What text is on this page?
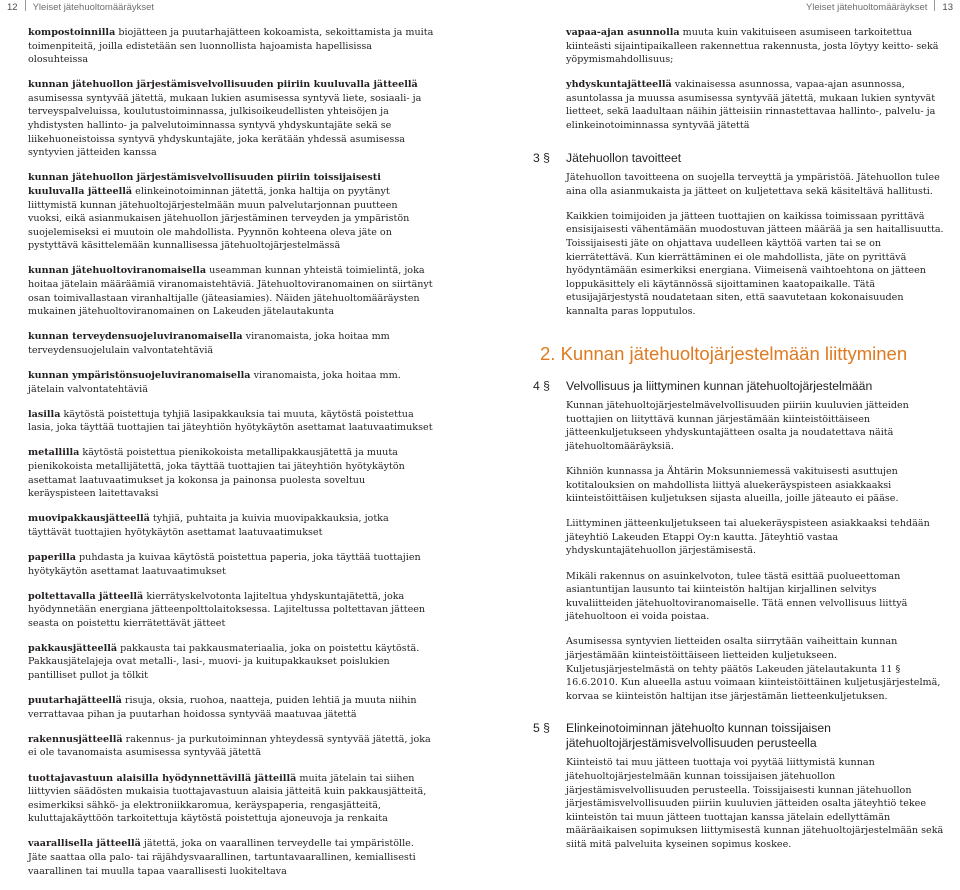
12 Yleiset jätehuoltomääräykset	Yleiset jätehuoltomääräykset 13

kompostoinnilla biojätteen ja puutarhajätteen kokoamista, sekoittamista ja muita toimenpiteitä, joilla edistetään sen luonnollista hajoamista hapellisissa olosuhteissa

kunnan jätehuollon järjestämisvelvollisuuden piiriin kuuluvalla jätteellä asumisessa syntyvää jätettä, mukaan lukien asumisessa syntyvä liete, sosiaali- ja terveyspalveluissa, koulutustoiminnassa, julkisoikeudellisten yhteisöjen ja yhdistysten hallinto- ja palvelutoiminnassa syntyvä yhdyskuntajäte sekä se liikehuoneistoissa syntyvä yhdyskuntajäte, joka kerätään yhdessä asumisessa syntyvien jätteiden kanssa

kunnan jätehuollon järjestämisvelvollisuuden piiriin toissijaisesti kuuluvalla jätteellä elinkeinotoiminnan jätettä, jonka haltija on pyytänyt liittymistä kunnan jätehuoltojärjestelmään muun palvelutarjonnan puutteen vuoksi, eikä asianmukaisen jätehuollon järjestäminen terveyden ja ympäristön suojelemiseksi ei muutoin ole mahdollista. Pyynnön kohteena oleva jäte on pystyttävä käsittelemään kunnallisessa jätehuoltojärjestelmässä

kunnan jätehuoltoviranomaisella useamman kunnan yhteistä toimielintä, joka hoitaa jätelain määräämiä viranomaistehtäviä. Jätehuoltoviranomainen on siirtänyt osan toimivallastaan viranhaltijalle (jäteasiamies). Näiden jätehuoltomääräysten mukainen jätehuoltoviranomainen on Lakeuden jätelautakunta

kunnan terveydensuojeluviranomaisella viranomaista, joka hoitaa mm terveydensuojelulain valvontatehtäviä

kunnan ympäristönsuojeluviranomaisella viranomaista, joka hoitaa mm. jätelain valvontatehtäviä

lasilla käytöstä poistettuja tyhjiä lasipakkauksia tai muuta, käytöstä poistettua lasia, joka täyttää tuottajien tai jäteyhtiön hyötykäytön asettamat laatuvaatimukset

metallilla käytöstä poistettua pienikokoista metallipakkausjätettä ja muuta pienikokoista metallijätettä, joka täyttää tuottajien tai jäteyhtiön hyötykäytön asettamat laatuvaatimukset ja kokonsa ja painonsa puolesta soveltuu keräyspisteen laitettavaksi

muovipakkausjätteellä tyhjiä, puhtaita ja kuivia muovipakkauksia, jotka täyttävät tuottajien hyötykäytön asettamat laatuvaatimukset

paperilla puhdasta ja kuivaa käytöstä poistettua paperia, joka täyttää tuottajien hyötykäytön asettamat laatuvaatimukset

poltettavalla jätteellä kierrätyskelvotonta lajiteltua yhdyskuntajätettä, joka hyödynnetään energiana jätteenpolttolaitoksessa. Lajiteltussa poltettavan jätteen seasta on poistettu kierrätettävät jätteet

pakkausjätteellä pakkausta tai pakkausmateriaalia, joka on poistettu käytöstä. Pakkausjätelajeja ovat metalli-, lasi-, muovi- ja kuitupakkaukset poislukien pantilliset pullot ja tölkit

puutarhajätteellä risuja, oksia, ruohoa, naatteja, puiden lehtiä ja muuta niihin verrattavaa pihan ja puutarhan hoidossa syntyvää maatuvaa jätettä

rakennusjätteellä rakennus- ja purkutoiminnan yhteydessä syntyvää jätettä, joka ei ole tavanomaista asumisessa syntyvää jätettä

tuottajavastuun alaisilla hyödynnettävillä jätteillä muita jätelain tai siihen liittyvien säädösten mukaisia tuottajavastuun alaisia jätteitä kuin pakkausjätteitä, esimerkiksi sähkö- ja elektroniikkaromua, keräyspaperia, rengasjätteitä, kuluttajakäyttöön tarkoitettuja käytöstä poistettuja ajoneuvoja ja renkaita

vaarallisella jätteellä jätettä, joka on vaarallinen terveydelle tai ympäristölle. Jäte saattaa olla palo- tai räjähdysvaarallinen, tartuntavaarallinen, kemiallisesti vaarallinen tai muulla tapaa vaarallisesti luokiteltava

vapaa-ajan asunnolla muuta kuin vakituiseen asumiseen tarkoitettua kiinteästi sijaintipaikalleen rakennettua rakennusta, josta löytyy keitto- sekä yöpymismahdollisuus;

yhdyskuntajätteellä vakinaisessa asunnossa, vapaa-ajan asunnossa, asuntolassa ja muussa asumisessa syntyvää jätettä, mukaan lukien syntyvät lietteet, sekä laadultaan näihin jätteisiin rinnastettavaa hallinto-, palvelu- ja elinkeinotoiminnassa syntyvää jätettä

3 § Jätehuollon tavoitteet

Jätehuollon tavoitteena on suojella terveyttä ja ympäristöä. Jätehuollon tulee aina olla asianmukaista ja jätteet on kuljetettava sekä käsiteltävä hallitusti.

Kaikkien toimijoiden ja jätteen tuottajien on kaikissa toimissaan pyrittävä ensisijaisesti vähentämään muodostuvan jätteen määrää ja sen haitallisuutta. Toissijaisesti jäte on ohjattava uudelleen käyttöä varten tai se on kierrätettävä. Kun kierrättäminen ei ole mahdollista, jäte on pyrittävä hyödyntämään esimerkiksi energiana. Viimeisenä vaihtoehtona on jätteen loppukäsittely eli käytännössä sijoittaminen kaatopaikalle. Tätä etusijajärjestystä noudatetaan siten, että saavutetaan kokonaisuuden kannalta paras lopputulos.

2. Kunnan jätehuoltojärjestelmään liittyminen
4 § Velvollisuus ja liittyminen kunnan jätehuoltojärjestelmään

Kunnan jätehuoltojärjestelmävelvollisuuden piiriin kuuluvien jätteiden tuottajien on liityttävä kunnan järjestämään kiinteistöittäiseen jätteenkuljetukseen yhdyskuntajätteen osalta ja noudatettava näitä jätehuoltomääräyksiä.

Kihniön kunnassa ja Ähtärin Moksunniemessä vakituisesti asuttujen kotitalouksien on mahdollista liittyä aluekeräyspisteen asiakkaaksi kiinteistöittäisen kuljetuksen sijasta alueilla, joille jäteauto ei pääse.

Liittyminen jätteenkuljetukseen tai aluekeräyspisteen asiakkaaksi tehdään jäteyhtiö Lakeuden Etappi Oy:n kautta. Jäteyhtiö vastaa yhdyskuntajätehuollon järjestämisestä.

Mikäli rakennus on asuinkelvoton, tulee tästä esittää puolueettoman asiantuntijan lausunto tai kiinteistön haltijan kirjallinen selvitys kuvaliitteiden jätehuoltoviranomaiselle. Tätä ennen velvollisuus liittyä jätehuoltoon ei voida poistaa.

Asumisessa syntyvien lietteiden osalta siirrytään vaiheittain kunnan järjestämään kiinteistöittäiseen lietteiden kuljetukseen. Kuljetusjärjestelmästä on tehty päätös Lakeuden jätelautakunta 11 § 16.6.2010. Kun alueella astuu voimaan kiinteistöittäinen kuljetusjärjestelmä, korvaa se kiinteistön haltijan itse järjestämän lietteenkuljetuksen.

5 § Elinkeinotoiminnan jätehuolto kunnan toissijaisen jätehuoltojärjestämisvelvollisuuden perusteella

Kiinteistö tai muu jätteen tuottaja voi pyytää liittymistä kunnan jätehuoltojärjestelmään kunnan toissijaisen jätehuollon järjestämisvelvollisuuden perusteella. Toissijaisesti kunnan jätehuollon järjestämisvelvollisuuden piiriin kuuluvien jätteiden osalta jäteyhtiö tekee kiinteistön tai muun jätteen tuottajan kanssa jätelain edellyttämän määräaikaisen sopimuksen liittymisestä kunnan jätehuoltojärjestelmään sekä siitä mitä palveluita kyseinen sopimus koskee.
